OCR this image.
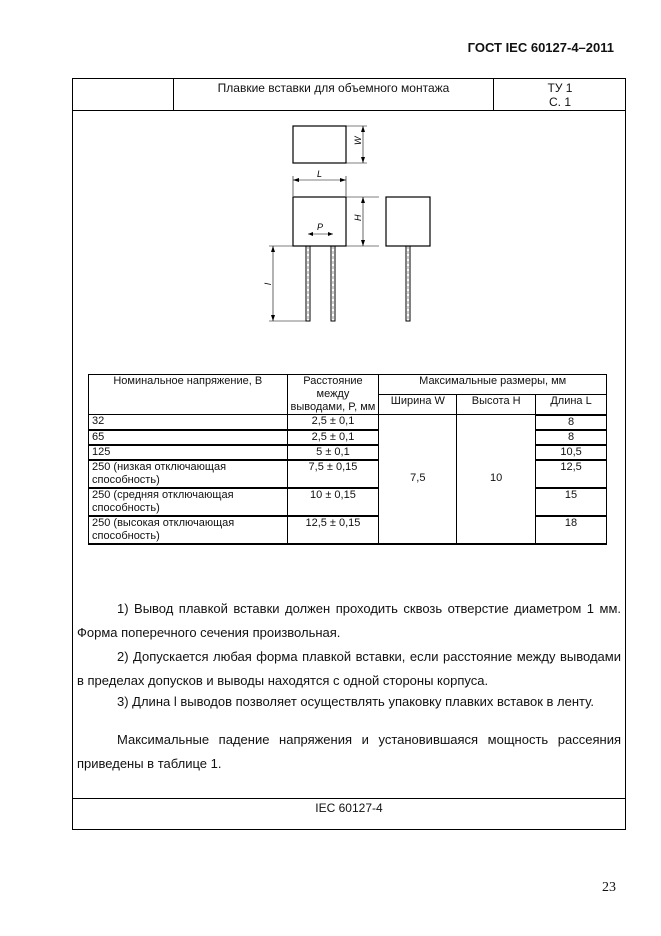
ГОСТ IEC 60127-4–2011
Плавкие вставки для объемного монтажа	ТУ 1
С. 1
IEC 60127-4
W
L
H
P
l
Номинальное напряжение, В	Расстояние между выводами, P, мм	Максимальные размеры, мм		
		Ширина W	Высота H	Длина L
32	2,5 ± 0,1	7,5	10	8
65	2,5 ± 0,1			8
125	5 ± 0,1			10,5
250 (низкая отключающая способность)	7,5 ± 0,15			12,5
250 (средняя отключающая способность)	10 ± 0,15			15
250 (высокая отключающая способность)	12,5 ± 0,15			18
1) Вывод плавкой вставки должен проходить сквозь отверстие диаметром 1 мм. Форма поперечного сечения произвольная.
2) Допускается любая форма плавкой вставки, если расстояние между выводами в пределах допусков и выводы находятся с одной стороны корпуса.
3) Длина l выводов позволяет осуществлять упаковку плавких вставок в ленту.
Максимальные падение напряжения и установившаяся мощность рассеяния приведены в таблице 1.
23
